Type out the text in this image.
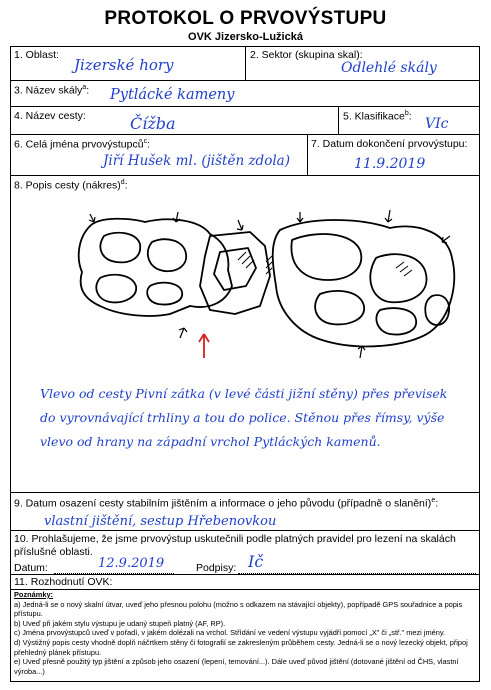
PROTOKOL O PRVOVÝSTUPU
OVK Jizersko-Lužická
1. Oblast:
Jizerské hory
2. Sektor (skupina skal):
Odlehlé skály
3. Název skály$^a$: Pytlácké kameny
4. Název cesty:	Čížba	5. Klasifikace$^b$: VIc
6. Celá jména prvovýstupců$^c$:
Jiří Hušek ml. (jištěn zdola)
7. Datum dokončení prvovýstupu:
11.9.2019
8. Popis cesty (nákres)$^d$:
Vlevo od cesty Pivní zátka (v levé části jižní stěny) přes převisek
do vyrovnávající trhliny a tou do police. Stěnou přes římsy, výše
vlevo od hrany na západní vrchol Pytláckých kamenů.
9. Datum osazení cesty stabilním jištěním a informace o jeho původu (případně o slanění)$^e$:
vlastní jištění, sestup Hřebenovkou
10. Prohlašujeme, že jsme prvovýstup uskutečnili podle platných pravidel pro lezení na skalách
příslušné oblasti.
Datum:	12.9.2019	Podpisy: Ič
11. Rozhodnutí OVK:
Poznámky:
a) Jedná-li se o nový skalní útvar, uveď jeho přesnou polohu (možno s odkazem na stávající objekty), popřípadě GPS souřadnice a popis přístupu.
b) Uveď při jakém stylu výstupu je udaný stupeň platný (AF, RP).
c) Jména prvovýstupců uveď v pořadí, v jakém dolézali na vrchol. Střídání ve vedení výstupu vyjádři pomocí „X" či „stř." mezi jmény.
d) Výstižný popis cesty vhodně doplň náčrtkem stěny či fotografií se zakresleným průběhem cesty. Jedná-li se o nový lezecký objekt, připoj přehledný plánek přístupu.
e) Uveď přesně použitý typ jištění a způsob jeho osazení (lepení, temování...). Dále uveď původ jištění (dotované jištění od ČHS, vlastní výroba...)
